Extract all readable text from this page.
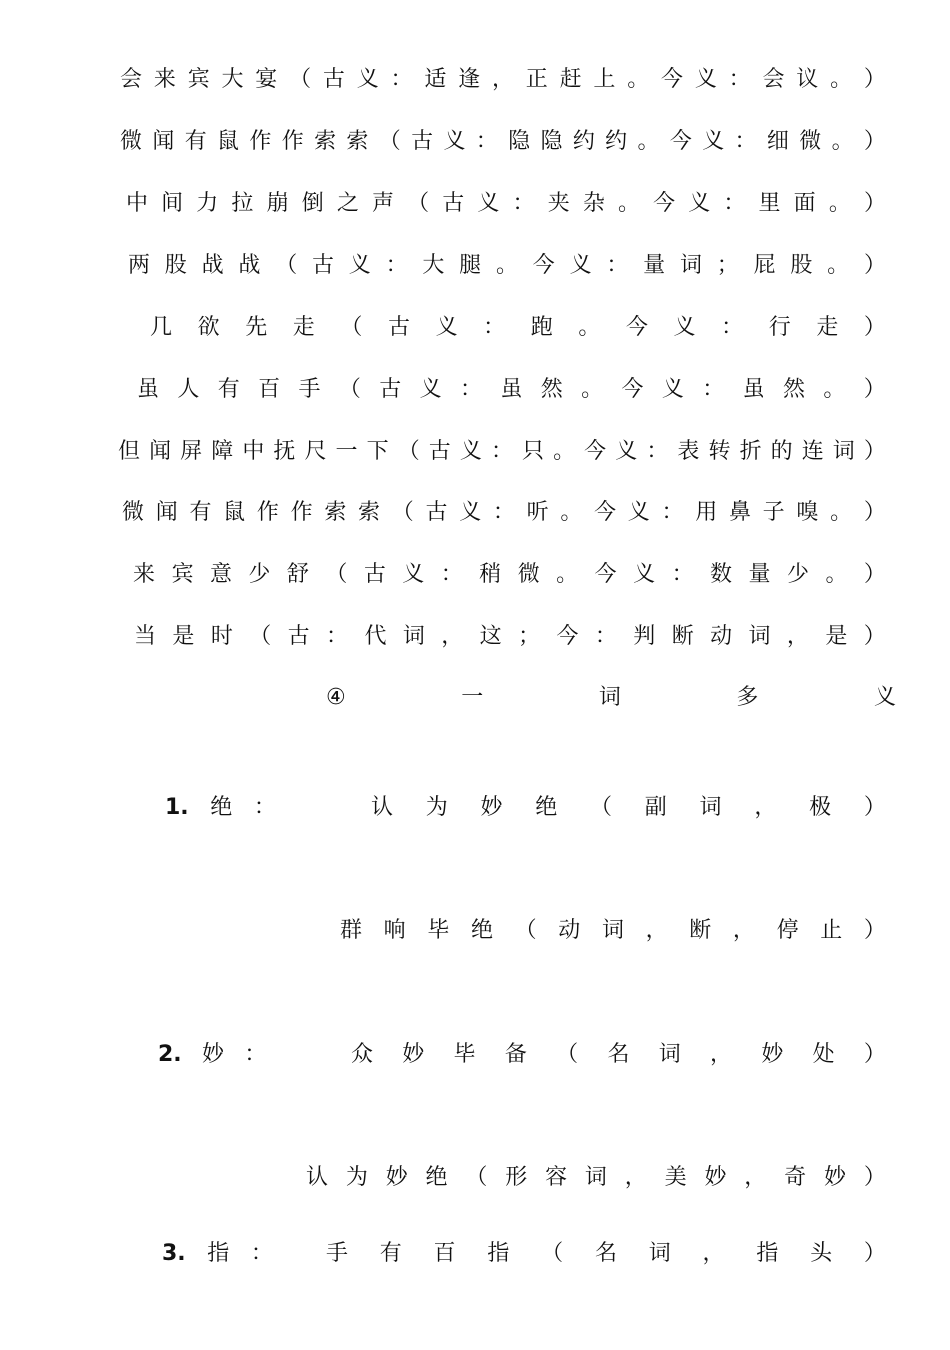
会 来 宾 大 宴 （ 古 义 ： 适 逢 ， 正 赶 上 。 今 义 ： 会 议 。 ）
微 闻 有 鼠 作 作 索 索 （ 古 义 ： 隐 隐 约 约 。 今 义 ： 细 微 。 ）
中 间 力 拉 崩 倒 之 声 （ 古 义 ： 夹 杂 。 今 义 ： 里 面 。 ）
两 股 战 战 （ 古 义 ： 大 腿 。 今 义 ： 量 词 ； 屁 股 。 ）
几 欲 先 走 （ 古 义 ： 跑 。 今 义 ： 行 走 ）
虽 人 有 百 手 （ 古 义 ： 虽 然 。 今 义 ： 虽 然 。 ）
但 闻 屏 障 中 抚 尺 一 下 （ 古 义 ： 只 。 今 义 ： 表 转 折 的 连 词 ）
微 闻 有 鼠 作 作 索 索 （ 古 义 ： 听 。 今 义 ： 用 鼻 子 嗅 。 ）
来 宾 意 少 舒 （ 古 义 ： 稍 微 。 今 义 ： 数 量 少 。 ）
当 是 时 （ 古 ： 代 词 ， 这 ； 今 ： 判 断 动 词 ， 是 ）
④	一	词	多	义
1. 绝 ：	认 为 妙 绝 （ 副 词 ， 极 ）
群 响 毕 绝 （ 动 词 ， 断 ， 停 止 ）
2. 妙 ：	众 妙 毕 备 （ 名 词 ， 妙 处 ）
认 为 妙 绝 （ 形 容 词 ， 美 妙 ， 奇 妙 ）
3. 指 ： 手 有 百 指 （ 名 词 ， 指 头 ）
